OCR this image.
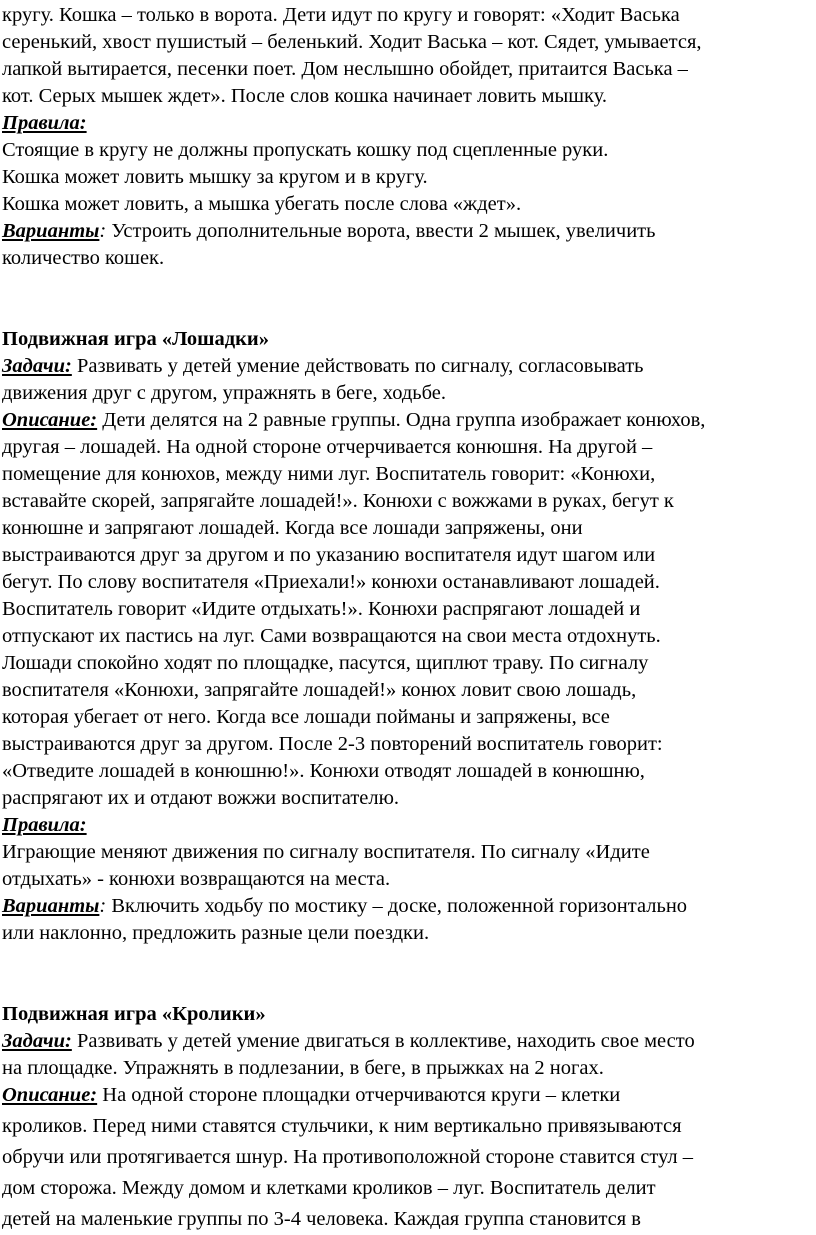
кругу. Кошка – только в ворота. Дети идут по кругу и говорят: «Ходит Васька
серенький, хвост пушистый – беленький. Ходит Васька – кот. Сядет, умывается,
лапкой вытирается, песенки поет. Дом неслышно обойдет, притаится Васька –
кот. Серых мышек ждет». После слов кошка начинает ловить мышку.
Правила:
Стоящие в кругу не должны пропускать кошку под сцепленные руки.
Кошка может ловить мышку за кругом и в кругу.
Кошка может ловить, а мышка убегать после слова «ждет».
Варианты: Устроить дополнительные ворота, ввести 2 мышек, увеличить
количество кошек.
Подвижная игра «Лошадки»
Задачи: Развивать у детей умение действовать по сигналу, согласовывать
движения друг с другом, упражнять в беге, ходьбе.
Описание: Дети делятся на 2 равные группы. Одна группа изображает конюхов,
другая – лошадей. На одной стороне отчерчивается конюшня. На другой –
помещение для конюхов, между ними луг. Воспитатель говорит: «Конюхи,
вставайте скорей, запрягайте лошадей!». Конюхи с вожжами в руках, бегут к
конюшне и запрягают лошадей. Когда все лошади запряжены, они
выстраиваются друг за другом и по указанию воспитателя идут шагом или
бегут. По слову воспитателя «Приехали!» конюхи останавливают лошадей.
Воспитатель говорит «Идите отдыхать!». Конюхи распрягают лошадей и
отпускают их пастись на луг. Сами возвращаются на свои места отдохнуть.
Лошади спокойно ходят по площадке, пасутся, щиплют траву. По сигналу
воспитателя «Конюхи, запрягайте лошадей!» конюх ловит свою лошадь,
которая убегает от него. Когда все лошади пойманы и запряжены, все
выстраиваются друг за другом. После 2-3 повторений воспитатель говорит:
«Отведите лошадей в конюшню!». Конюхи отводят лошадей в конюшню,
распрягают их и отдают вожжи воспитателю.
Правила:
Играющие меняют движения по сигналу воспитателя. По сигналу «Идите
отдыхать» - конюхи возвращаются на места.
Варианты: Включить ходьбу по мостику – доске, положенной горизонтально
или наклонно, предложить разные цели поездки.
Подвижная игра «Кролики»
Задачи: Развивать у детей умение двигаться в коллективе, находить свое место
на площадке. Упражнять в подлезании, в беге, в прыжках на 2 ногах.
Описание: На одной стороне площадки отчерчиваются круги – клетки
кроликов. Перед ними ставятся стульчики, к ним вертикально привязываются
обручи или протягивается шнур. На противоположной стороне ставится стул –
дом сторожа. Между домом и клетками кроликов – луг. Воспитатель делит
детей на маленькие группы по 3-4 человека. Каждая группа становится в
